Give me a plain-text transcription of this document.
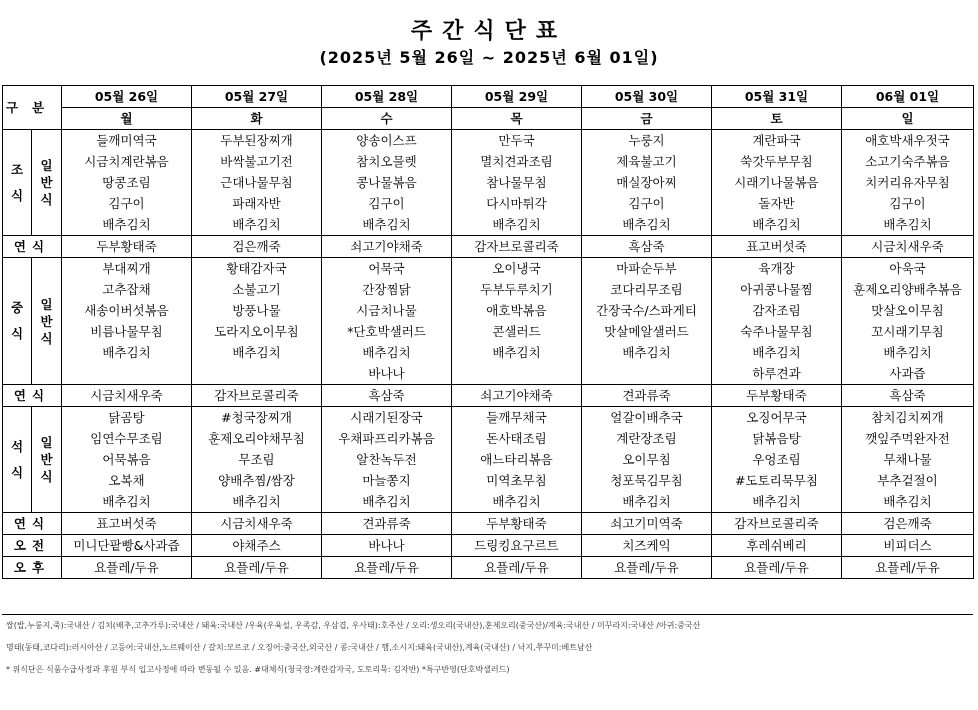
주간식단표
(2025년 5월 26일 ~ 2025년 6월 01일)
구분		05월 26일	05월 27일	05월 28일	05월 29일	05월 30일	05월 31일	06월 01일
		월	화	수	목	금	토	일

조
식	일
반
식	들깨미역국	두부된장찌개	양송이스프	만두국	누룽지	계란파국	애호박새우젓국
		시금치계란볶음	바싹불고기전	참치오믈렛	멸치견과조림	제육불고기	쑥갓두부무침	소고기숙주볶음
		땅콩조림	근대나물무침	콩나물볶음	참나물무침	매실장아찌	시래기나물볶음	치커리유자무침
		김구이	파래자반	김구이	다시마튀각	김구이	돌자반	김구이
		배추김치	배추김치	배추김치	배추김치	배추김치	배추김치	배추김치
연식		두부황태죽	검은깨죽	쇠고기야채죽	감자브로콜리죽	흑삼죽	표고버섯죽	시금치새우죽

중
식	일
반
식	부대찌개	황태감자국	어묵국	오이냉국	마파순두부	육개장	아욱국
		고추잡채	소불고기	간장찜닭	두부두루치기	코다리무조림	아귀콩나물찜	훈제오리양배추볶음
		새송이버섯볶음	방풍나물	시금치나물	애호박볶음	간장국수/스파게티	감자조림	맛살오이무침
		비름나물무침	도라지오이무침	*단호박샐러드	콘샐러드	맛살메알샐러드	숙주나물무침	꼬시래기무침
		배추김치	배추김치	배추김치	배추김치	배추김치	배추김치	배추김치
				바나나			하루견과	사과즙
연식		시금치새우죽	감자브로콜리죽	흑삼죽	쇠고기야채죽	견과류죽	두부황태죽	흑삼죽

석
식	일
반
식	닭곰탕	#청국장찌개	시래기된장국	들깨무채국	얼갈이배추국	오징어무국	참치김치찌개
		임연수무조림	훈제오리야채무침	우채파프리카볶음	돈사태조림	계란장조림	닭볶음탕	깻잎주먹완자전
		어묵볶음	무조림	알찬녹두전	애느타리볶음	오이무침	우엉조림	무채나물
		오복채	양배추찜/쌈장	마늘쫑지	미역초무침	청포묵김무침	#도토리묵무침	부추겉절이
		배추김치	배추김치	배추김치	배추김치	배추김치	배추김치	배추김치
연식		표고버섯죽	시금치새우죽	견과류죽	두부황태죽	쇠고기미역죽	감자브로콜리죽	검은깨죽
오전		미니단팥빵&사과즙	야채주스	바나나	드링킹요구르트	치즈케익	후레쉬베리	비피더스
오후		요플레/두유	요플레/두유	요플레/두유	요플레/두유	요플레/두유	요플레/두유	요플레/두유
쌀(밥,누룽지,죽):국내산 / 김치(배추,고추가루):국내산 / 돼육:국내산 /우육(우육설, 우족감, 우삼겹, 우사태):호주산 / 오리:생오리(국내산),훈제오리(중국산)/계육:국내산 / 미꾸라지:국내산 /아귀:중국산
명태(동태,코다리):러시아산 / 고등어:국내산,노르웨이산 / 갈치:모르코 / 오징어:중국산,외국산 / 콩:국내산 / 햄,소시지:돼육(국내산),계육(국내산) / 낙지,쭈꾸미:베트남산
* 위식단은 식품수급사정과 후원 부식 입고사정에 따라 변동될 수 있음. #대체식(청국장:계란감자국, 도토리묵: 김자반) *특구반영(단호박샐러드)
